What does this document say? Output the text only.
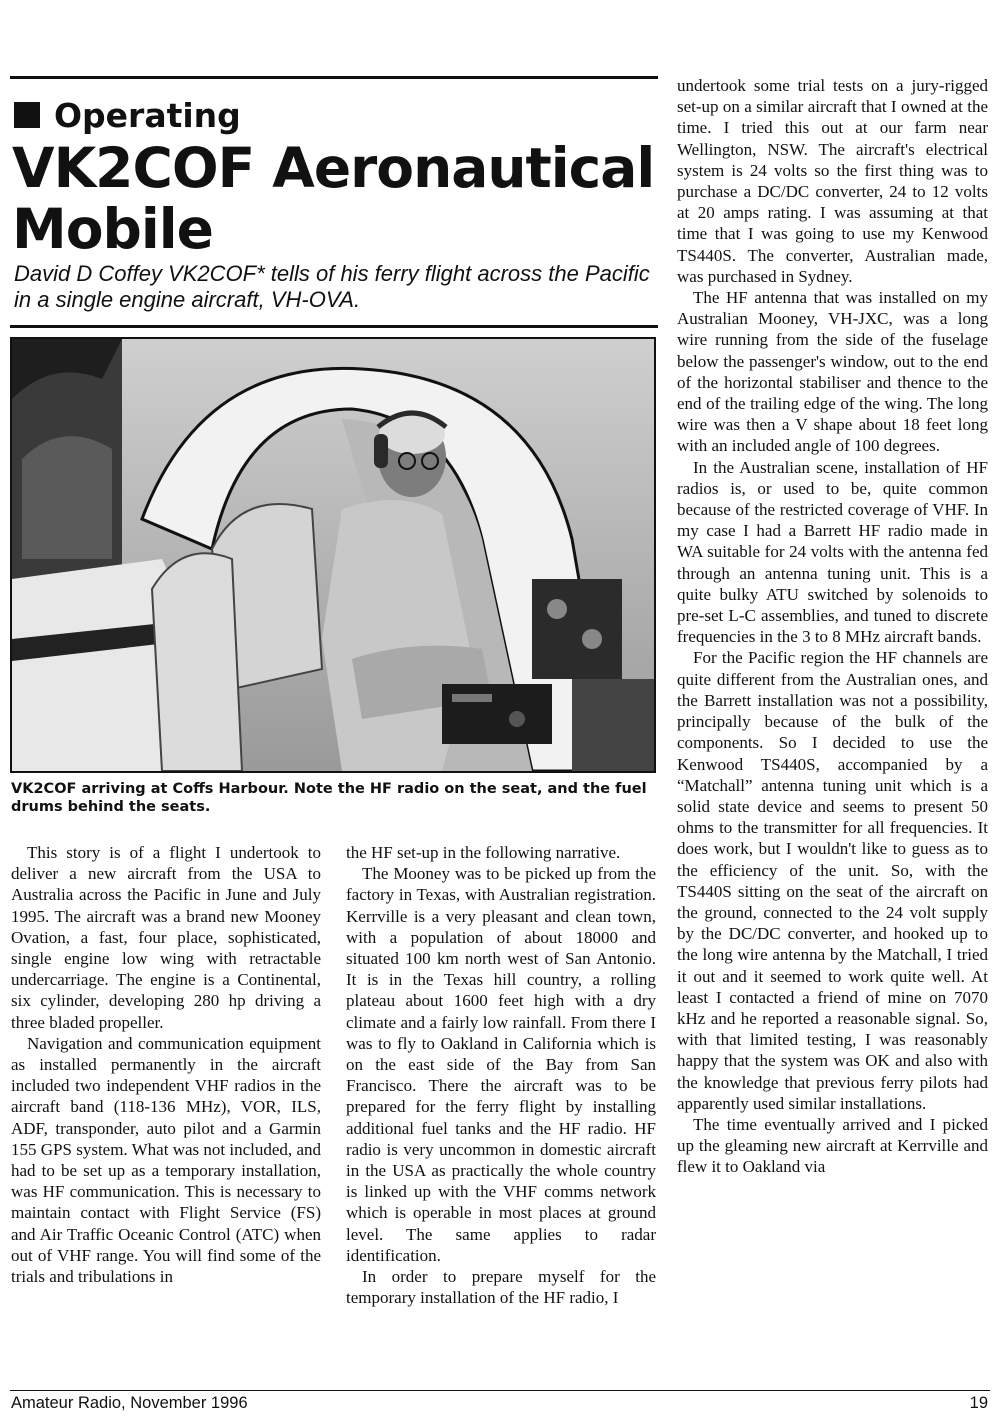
Operating
VK2COF Aeronautical Mobile
David D Coffey VK2COF* tells of his ferry flight across the Pacific in a single engine aircraft, VH-OVA.
VK2COF arriving at Coffs Harbour. Note the HF radio on the seat, and the fuel drums behind the seats.

This story is of a flight I undertook to deliver a new aircraft from the USA to Australia across the Pacific in June and July 1995. The aircraft was a brand new Mooney Ovation, a fast, four place, sophisticated, single engine low wing with retractable undercarriage. The engine is a Continental, six cylinder, developing 280 hp driving a three bladed propeller.

Navigation and communication equipment as installed permanently in the aircraft included two independent VHF radios in the aircraft band (118-136 MHz), VOR, ILS, ADF, transponder, auto pilot and a Garmin 155 GPS system. What was not included, and had to be set up as a temporary installation, was HF communication. This is necessary to maintain contact with Flight Service (FS) and Air Traffic Oceanic Control (ATC) when out of VHF range. You will find some of the trials and tribulations in

the HF set-up in the following narrative.

The Mooney was to be picked up from the factory in Texas, with Australian registration. Kerrville is a very pleasant and clean town, with a population of about 18000 and situated 100 km north west of San Antonio. It is in the Texas hill country, a rolling plateau about 1600 feet high with a dry climate and a fairly low rainfall. From there I was to fly to Oakland in California which is on the east side of the Bay from San Francisco. There the aircraft was to be prepared for the ferry flight by installing additional fuel tanks and the HF radio. HF radio is very uncommon in domestic aircraft in the USA as practically the whole country is linked up with the VHF comms network which is operable in most places at ground level. The same applies to radar identification.

In order to prepare myself for the temporary installation of the HF radio, I

undertook some trial tests on a jury-rigged set-up on a similar aircraft that I owned at the time. I tried this out at our farm near Wellington, NSW. The aircraft's electrical system is 24 volts so the first thing was to purchase a DC/DC converter, 24 to 12 volts at 20 amps rating. I was assuming at that time that I was going to use my Kenwood TS440S. The converter, Australian made, was purchased in Sydney.

The HF antenna that was installed on my Australian Mooney, VH-JXC, was a long wire running from the side of the fuselage below the passenger's window, out to the end of the horizontal stabiliser and thence to the end of the trailing edge of the wing. The long wire was then a V shape about 18 feet long with an included angle of 100 degrees.

In the Australian scene, installation of HF radios is, or used to be, quite common because of the restricted coverage of VHF. In my case I had a Barrett HF radio made in WA suitable for 24 volts with the antenna fed through an antenna tuning unit. This is a quite bulky ATU switched by solenoids to pre-set L-C assemblies, and tuned to discrete frequencies in the 3 to 8 MHz aircraft bands.

For the Pacific region the HF channels are quite different from the Australian ones, and the Barrett installation was not a possibility, principally because of the bulk of the components. So I decided to use the Kenwood TS440S, accompanied by a “Matchall” antenna tuning unit which is a solid state device and seems to present 50 ohms to the transmitter for all frequencies. It does work, but I wouldn't like to guess as to the efficiency of the unit. So, with the TS440S sitting on the seat of the aircraft on the ground, connected to the 24 volt supply by the DC/DC converter, and hooked up to the long wire antenna by the Matchall, I tried it out and it seemed to work quite well. At least I contacted a friend of mine on 7070 kHz and he reported a reasonable signal. So, with that limited testing, I was reasonably happy that the system was OK and also with the knowledge that previous ferry pilots had apparently used similar installations.

The time eventually arrived and I picked up the gleaming new aircraft at Kerrville and flew it to Oakland via

Amateur Radio, November 1996	19
